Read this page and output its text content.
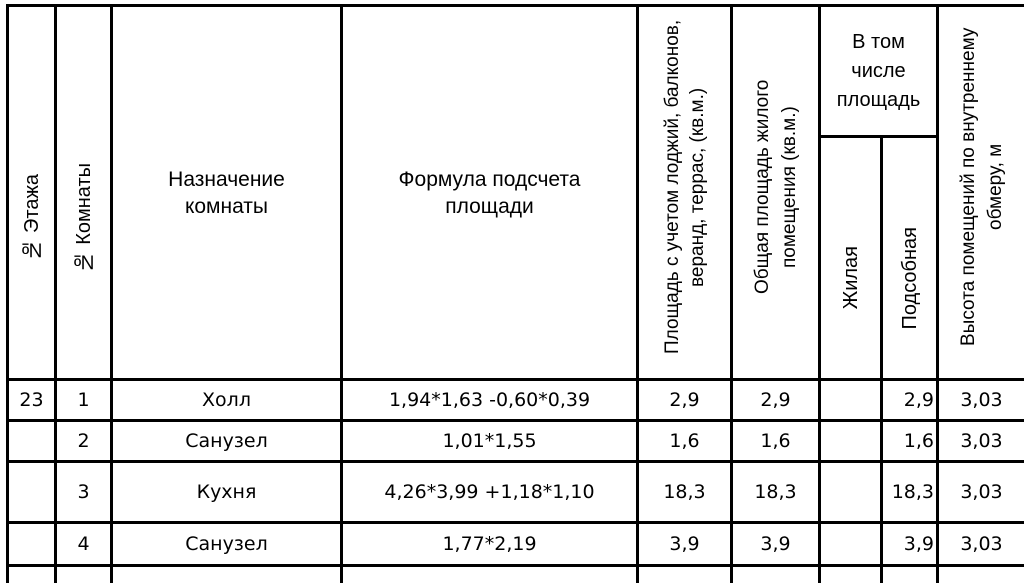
№ Этажа	№ Комнаты	Назначение комнаты	Формула подсчета площади	Площадь с учетом лоджий, балконов, веранд, террас, (кв.м.)	Общая площадь жилого помещения (кв.м.)	В том числе площадь		Высота помещений по внутреннему обмеру, м

						Жилая	Подсобная	

23	1	Холл	1,94*1,63 -0,60*0,39	2,9	2,9		2,9	3,03
	2	Санузел	1,01*1,55	1,6	1,6		1,6	3,03
	3	Кухня	4,26*3,99 +1,18*1,10	18,3	18,3		18,3	3,03
	4	Санузел	1,77*2,19	3,9	3,9		3,9	3,03
